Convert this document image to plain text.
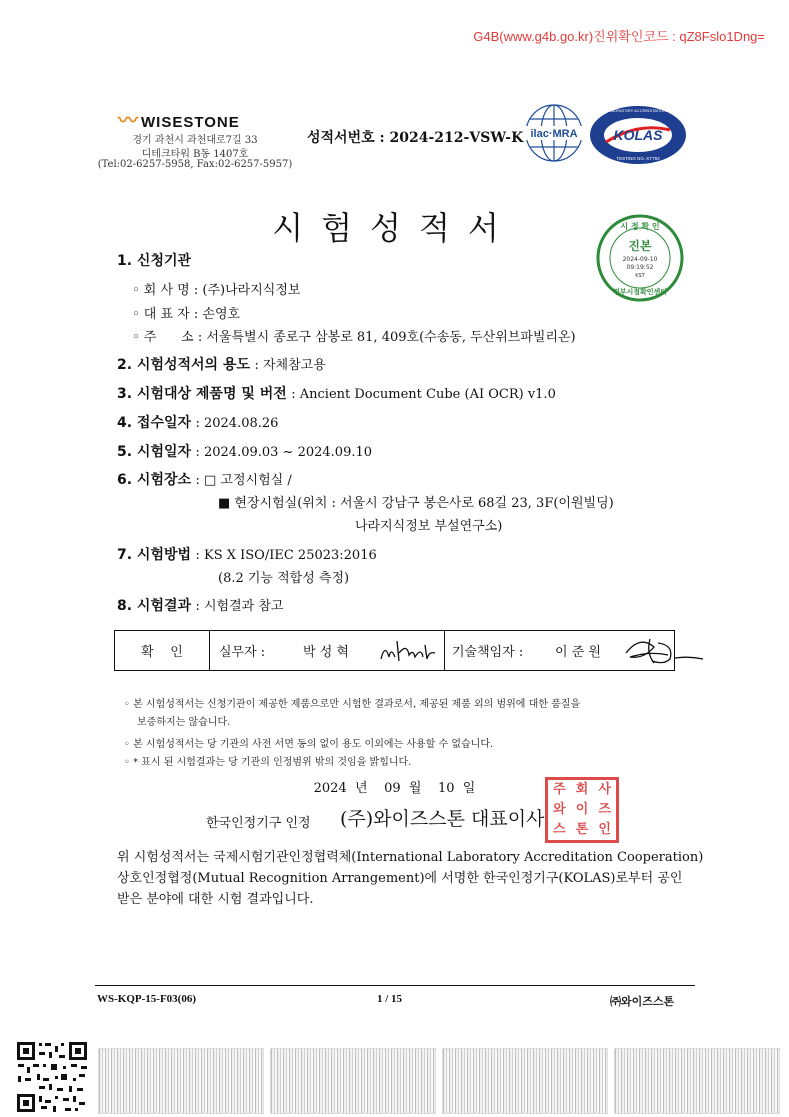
G4B(www.g4b.go.kr)진위확인코드 : qZ8Fslo1Dng=
〰 WISESTONE
경기 과천시 과천대로7길 33
디테크타워 B동 1407호
(Tel:02-6257-5958, Fax:02-6257-5957)
성적서번호 : 2024-212-VSW-K ilac·MRA	KOLAS
KOREA LABORATORY ACCREDITATION SCHEME
TESTING NO. KT793
시험성적서	시 정 확 인
진본
2024-09-10
09:19:52
KST
정부시점확인센터
1. 신청기관
◦ 회 사 명 : (주)나라지식정보
◦ 대 표 자 : 손영호
◦ 주      소 : 서울특별시 종로구 삼봉로 81, 409호(수송동, 두산위브파빌리온)
2. 시험성적서의 용도 : 자체참고용
3. 시험대상 제품명 및 버전 : Ancient Document Cube (AI OCR) v1.0
4. 접수일자 : 2024.08.26
5. 시험일자 : 2024.09.03 ~ 2024.09.10
6. 시험장소 : □ 고정시험실 /
■ 현장시험실(위치 : 서울시 강남구 봉은사로 68길 23, 3F(이원빌딩)
나라지식정보 부설연구소)
7. 시험방법 : KS X ISO/IEC 25023:2016
(8.2 기능 적합성 측정)
8. 시험결과 : 시험결과 참고
확    인	실무자 :	박 성 혁	기술책임자 : 이 준 원
◦ 본 시험성적서는 신청기관이 제공한 제품으로만 시험한 결과로서, 제공된 제품 외의 범위에 대한 품질을
보증하지는 않습니다.
◦ 본 시험성적서는 당 기관의 사전 서면 동의 없이 용도 이외에는 사용할 수 없습니다.
◦ * 표시 된 시험결과는 당 기관의 인정범위 밖의 것임을 밝힙니다.
2024  년    09  월    10  일
한국인정기구 인정 (주)와이즈스톤 대표이사
주 회 사
와 이 즈
스 톤 인
위 시험성적서는 국제시험기관인정협력체(International Laboratory Accreditation Cooperation)
상호인정협정(Mutual Recognition Arrangement)에 서명한 한국인정기구(KOLAS)로부터 공인
받은 분야에 대한 시험 결과입니다.
WS-KQP-15-F03(06)	1 / 15	㈜와이즈스톤
